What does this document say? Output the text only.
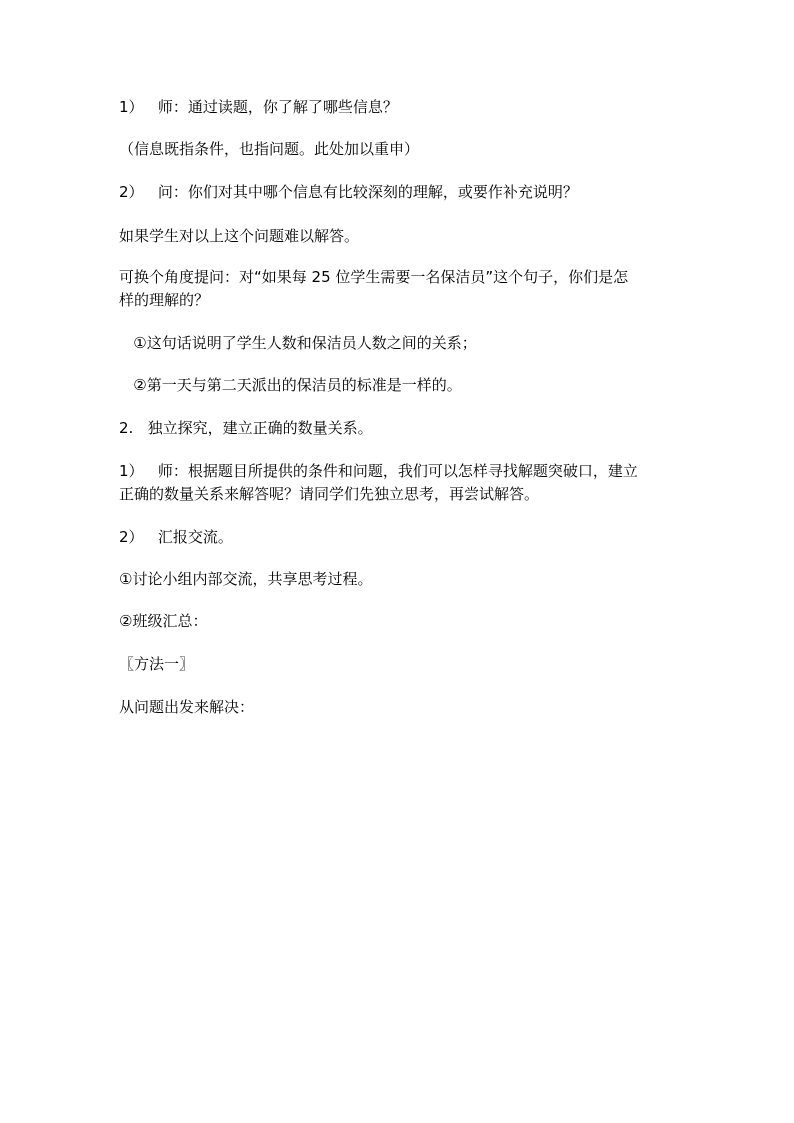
1）   师：通过读题，你了解了哪些信息？

（信息既指条件，也指问题。此处加以重申）

2）   问：你们对其中哪个信息有比较深刻的理解，或要作补充说明？

如果学生对以上这个问题难以解答。

可换个角度提问：对“如果每 25 位学生需要一名保洁员”这个句子，你们是怎

样的理解的？

①这句话说明了学生人数和保洁员人数之间的关系；

②第一天与第二天派出的保洁员的标准是一样的。

2.   独立探究，建立正确的数量关系。

1）   师：根据题目所提供的条件和问题，我们可以怎样寻找解题突破口，建立

正确的数量关系来解答呢？请同学们先独立思考，再尝试解答。

2）   汇报交流。

①讨论小组内部交流，共享思考过程。

②班级汇总：

〖方法一〗

从问题出发来解决：
